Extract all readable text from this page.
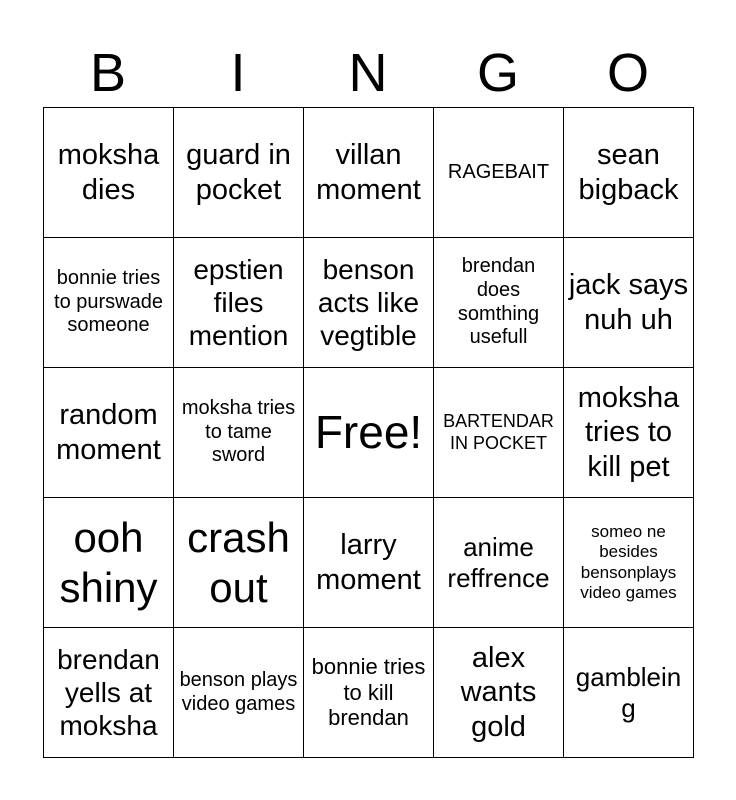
B	I	N	G	O
moksha dies	guard in pocket	villan moment	RAGEBAIT	sean bigback
bonnie tries to purswade someone	epstien files mention	benson acts like vegtible	brendan does somthing usefull	jack says nuh uh
random moment	moksha tries to tame sword	Free!	BARTENDAR IN POCKET	moksha tries to kill pet
ooh shiny	crash out	larry moment	anime reffrence	someo ne besides bensonplays video games
brendan yells at moksha	benson plays video games	bonnie tries to kill brendan	alex wants gold	gamblein g
